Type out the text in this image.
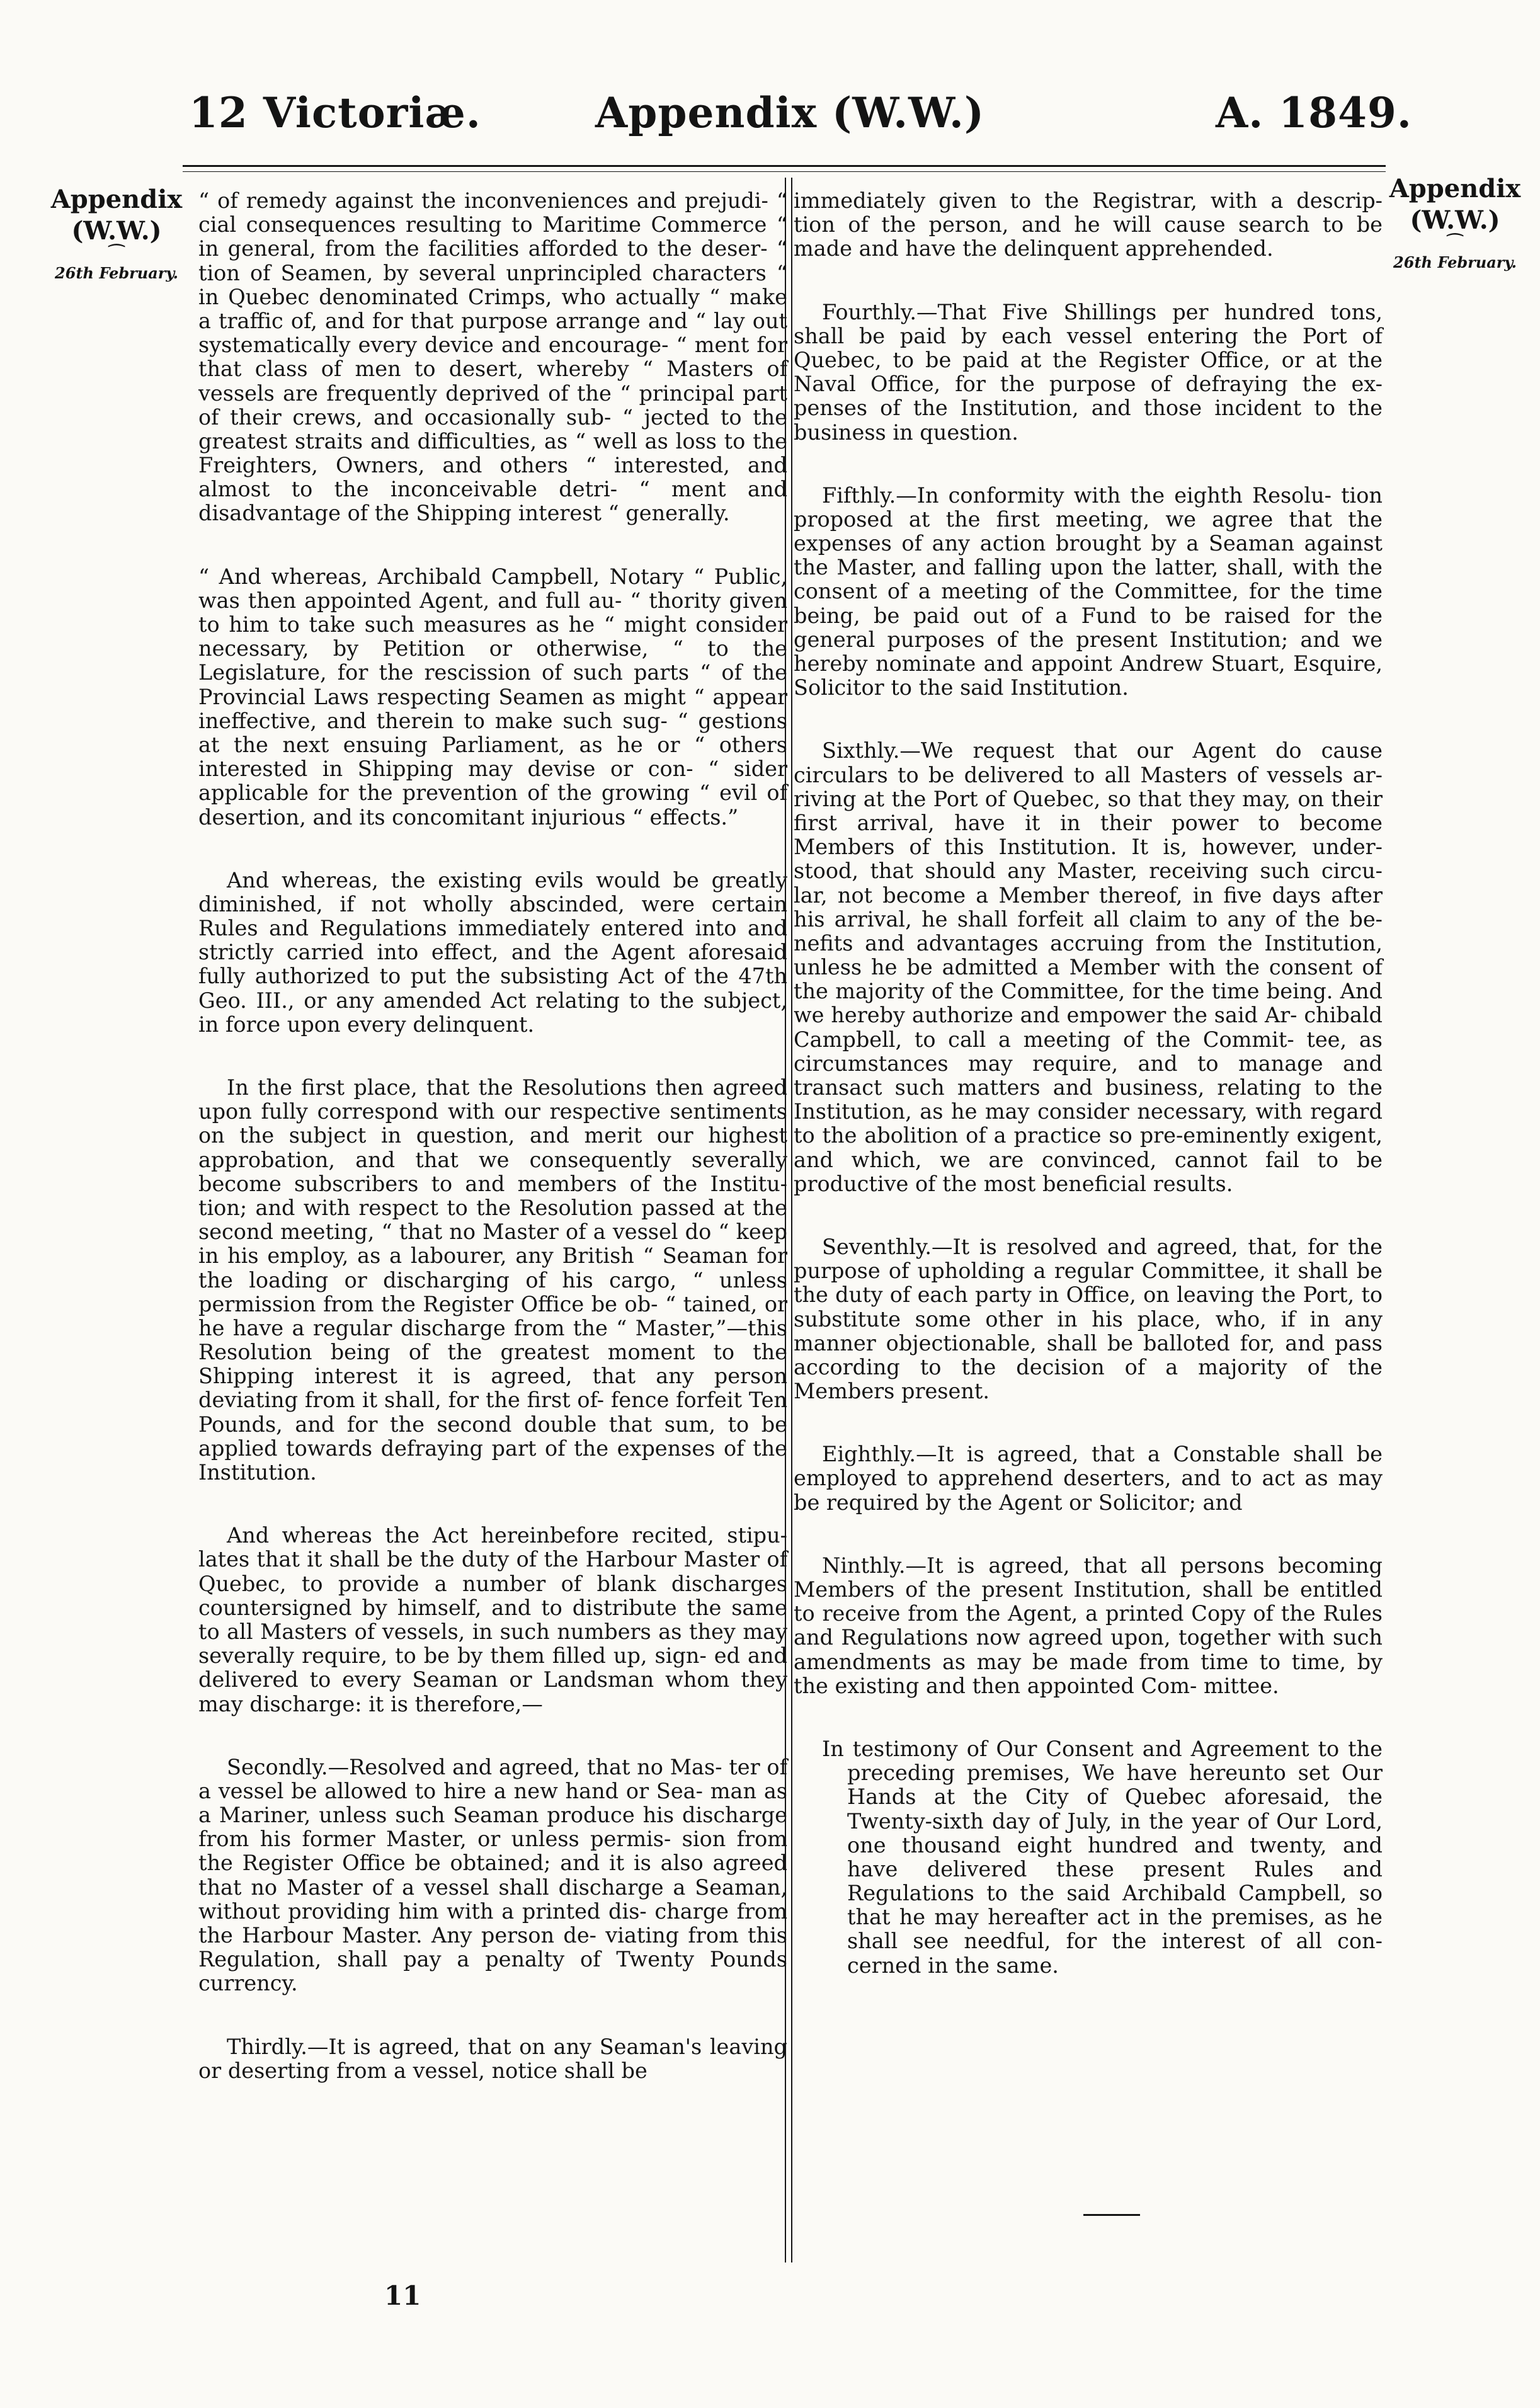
12 Victoriæ.	Appendix (W.W.)	A. 1849.
Appendix
(W.W.)
⁀
26th February.
Appendix
(W.W.)
⁀
26th February.

“ of remedy against the inconveniences and prejudi- “ cial consequences resulting to Maritime Commerce “ in general, from the facilities afforded to the deser- “ tion of Seamen, by several unprincipled characters “ in Quebec denominated Crimps, who actually “ make a traffic of, and for that purpose arrange and “ lay out systematically every device and encourage- “ ment for that class of men to desert, whereby “ Masters of vessels are frequently deprived of the “ principal part of their crews, and occasionally sub- “ jected to the greatest straits and difficulties, as “ well as loss to the Freighters, Owners, and others “ interested, and almost to the inconceivable detri- “ ment and disadvantage of the Shipping interest “ generally.

“ And whereas, Archibald Campbell, Notary “ Public, was then appointed Agent, and full au- “ thority given to him to take such measures as he “ might consider necessary, by Petition or otherwise, “ to the Legislature, for the rescission of such parts “ of the Provincial Laws respecting Seamen as might “ appear ineffective, and therein to make such sug- “ gestions at the next ensuing Parliament, as he or “ others interested in Shipping may devise or con- “ sider applicable for the prevention of the growing “ evil of desertion, and its concomitant injurious “ effects.”

And whereas, the existing evils would be greatly diminished, if not wholly abscinded, were certain Rules and Regulations immediately entered into and strictly carried into effect, and the Agent aforesaid fully authorized to put the subsisting Act of the 47th Geo. III., or any amended Act relating to the subject, in force upon every delinquent.

In the first place, that the Resolutions then agreed upon fully correspond with our respective sentiments on the subject in question, and merit our highest approbation, and that we consequently severally become subscribers to and members of the Institu- tion; and with respect to the Resolution passed at the second meeting, “ that no Master of a vessel do “ keep in his employ, as a labourer, any British “ Seaman for the loading or discharging of his cargo, “ unless permission from the Register Office be ob- “ tained, or he have a regular discharge from the “ Master,”—this Resolution being of the greatest moment to the Shipping interest it is agreed, that any person deviating from it shall, for the first of- fence forfeit Ten Pounds, and for the second double that sum, to be applied towards defraying part of the expenses of the Institution.

And whereas the Act hereinbefore recited, stipu- lates that it shall be the duty of the Harbour Master of Quebec, to provide a number of blank discharges countersigned by himself, and to distribute the same to all Masters of vessels, in such numbers as they may severally require, to be by them filled up, sign- ed and delivered to every Seaman or Landsman whom they may discharge: it is therefore,—

Secondly.—Resolved and agreed, that no Mas- ter of a vessel be allowed to hire a new hand or Sea- man as a Mariner, unless such Seaman produce his discharge from his former Master, or unless permis- sion from the Register Office be obtained; and it is also agreed that no Master of a vessel shall discharge a Seaman, without providing him with a printed dis- charge from the Harbour Master. Any person de- viating from this Regulation, shall pay a penalty of Twenty Pounds currency.

Thirdly.—It is agreed, that on any Seaman's leaving or deserting from a vessel, notice shall be

immediately given to the Registrar, with a descrip- tion of the person, and he will cause search to be made and have the delinquent apprehended.

Fourthly.—That Five Shillings per hundred tons, shall be paid by each vessel entering the Port of Quebec, to be paid at the Register Office, or at the Naval Office, for the purpose of defraying the ex- penses of the Institution, and those incident to the business in question.

Fifthly.—In conformity with the eighth Resolu- tion proposed at the first meeting, we agree that the expenses of any action brought by a Seaman against the Master, and falling upon the latter, shall, with the consent of a meeting of the Committee, for the time being, be paid out of a Fund to be raised for the general purposes of the present Institution; and we hereby nominate and appoint Andrew Stuart, Esquire, Solicitor to the said Institution.

Sixthly.—We request that our Agent do cause circulars to be delivered to all Masters of vessels ar- riving at the Port of Quebec, so that they may, on their first arrival, have it in their power to become Members of this Institution. It is, however, under- stood, that should any Master, receiving such circu- lar, not become a Member thereof, in five days after his arrival, he shall forfeit all claim to any of the be- nefits and advantages accruing from the Institution, unless he be admitted a Member with the consent of the majority of the Committee, for the time being. And we hereby authorize and empower the said Ar- chibald Campbell, to call a meeting of the Commit- tee, as circumstances may require, and to manage and transact such matters and business, relating to the Institution, as he may consider necessary, with regard to the abolition of a practice so pre-eminently exigent, and which, we are convinced, cannot fail to be productive of the most beneficial results.

Seventhly.—It is resolved and agreed, that, for the purpose of upholding a regular Committee, it shall be the duty of each party in Office, on leaving the Port, to substitute some other in his place, who, if in any manner objectionable, shall be balloted for, and pass according to the decision of a majority of the Members present.

Eighthly.—It is agreed, that a Constable shall be employed to apprehend deserters, and to act as may be required by the Agent or Solicitor; and

Ninthly.—It is agreed, that all persons becoming Members of the present Institution, shall be entitled to receive from the Agent, a printed Copy of the Rules and Regulations now agreed upon, together with such amendments as may be made from time to time, by the existing and then appointed Com- mittee.

In testimony of Our Consent and Agreement to the preceding premises, We have hereunto set Our Hands at the City of Quebec aforesaid, the Twenty-sixth day of July, in the year of Our Lord, one thousand eight hundred and twenty, and have delivered these present Rules and Regulations to the said Archibald Campbell, so that he may hereafter act in the premises, as he shall see needful, for the interest of all con- cerned in the same.

11
